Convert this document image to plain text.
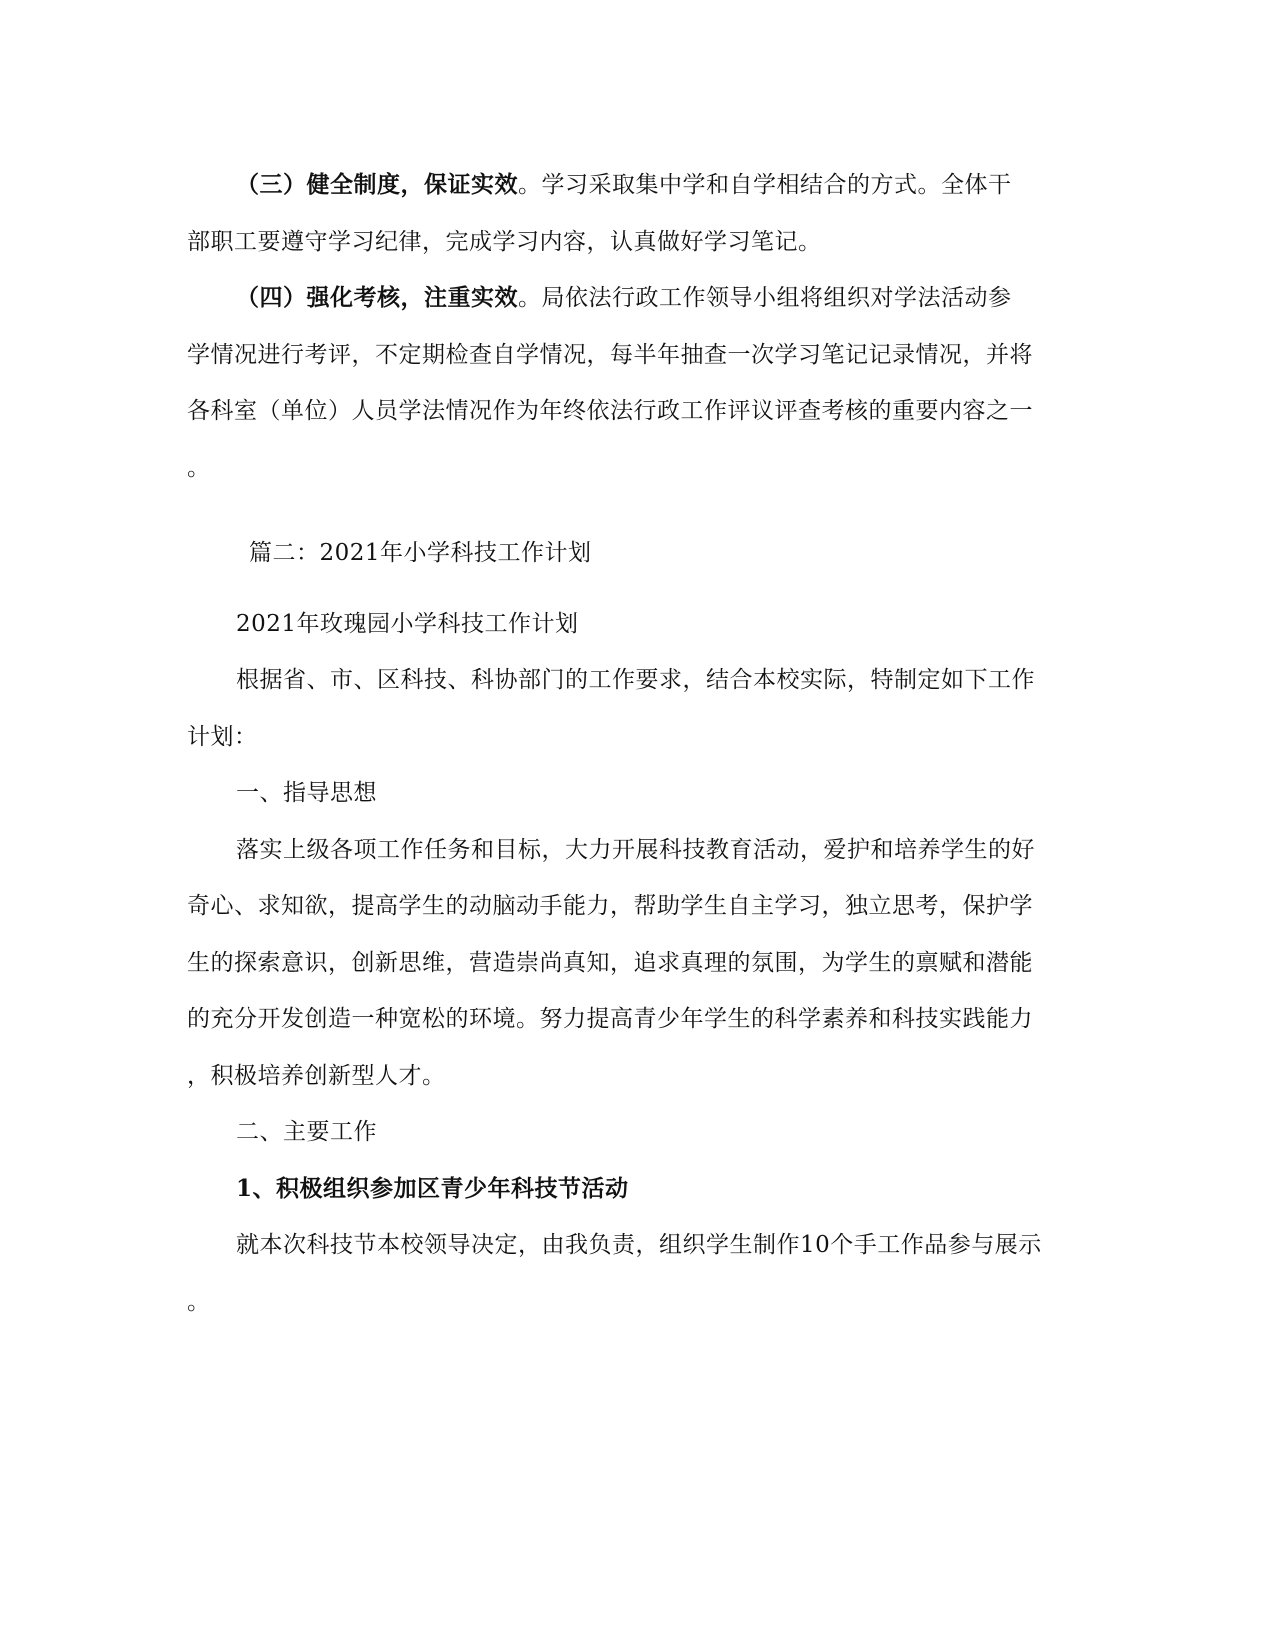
（三）健全制度，保证实效。学习采取集中学和自学相结合的方式。全体干
部职工要遵守学习纪律，完成学习内容，认真做好学习笔记。
（四）强化考核，注重实效。局依法行政工作领导小组将组织对学法活动参
学情况进行考评，不定期检查自学情况，每半年抽查一次学习笔记记录情况，并将
各科室（单位）人员学法情况作为年终依法行政工作评议评查考核的重要内容之一
。
篇二：2021年小学科技工作计划
2021年玫瑰园小学科技工作计划
根据省、市、区科技、科协部门的工作要求，结合本校实际，特制定如下工作
计划：
一、指导思想
落实上级各项工作任务和目标，大力开展科技教育活动，爱护和培养学生的好
奇心、求知欲，提高学生的动脑动手能力，帮助学生自主学习，独立思考，保护学
生的探索意识，创新思维，营造崇尚真知，追求真理的氛围，为学生的禀赋和潜能
的充分开发创造一种宽松的环境。努力提高青少年学生的科学素养和科技实践能力
，积极培养创新型人才。
二、主要工作
1、积极组织参加区青少年科技节活动
就本次科技节本校领导决定，由我负责，组织学生制作10个手工作品参与展示
。
